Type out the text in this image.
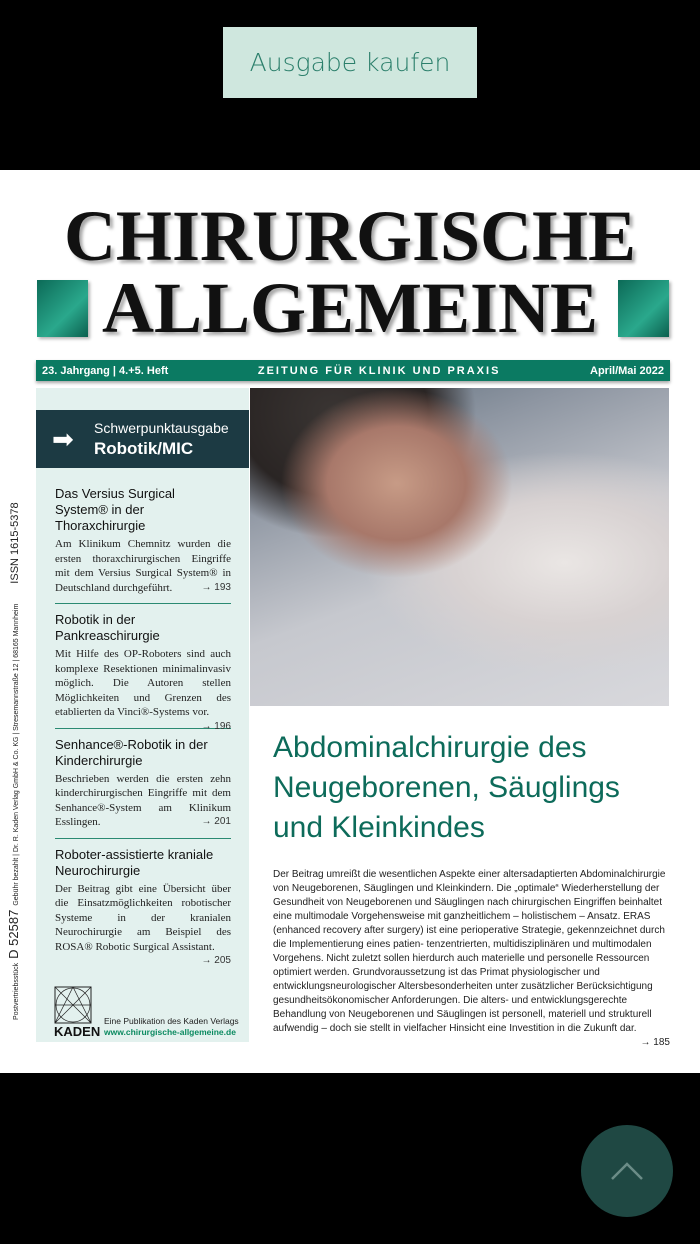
Ausgabe kaufen
CHIRURGISCHE
ALLGEMEINE
23. Jahrgang | 4.+5. Heft	ZEITUNG FÜR KLINIK UND PRAXIS	April/Mai 2022
Postvertriebsstück
D 52587
Gebühr bezahlt | Dr. R. Kaden Verlag GmbH & Co. KG | Stresemannstraße 12 | 68165 Mannheim
ISSN 1615-5378
➡ Schwerpunktausgabe
Robotik/MIC
Das Versius Surgical System® in der Thoraxchirurgie

Am Klinikum Chemnitz wurden die ersten thoraxchirurgischen Eingriffe mit dem Versius Surgical System® in Deutschland durchgeführt.	→ 193

Robotik in der Pankreaschirurgie

Mit Hilfe des OP-Roboters sind auch komplexe Resektionen minimalinvasiv möglich. Die Autoren stellen Möglichkeiten und Grenzen des etablierten da Vinci®-Systems vor.
→ 196

Senhance®-Robotik in der Kinderchirurgie

Beschrieben werden die ersten zehn kinderchirurgischen Eingriffe mit dem Senhance®-System am Klinikum Esslingen.	→ 201

Roboter-assistierte kraniale Neurochirurgie

Der Beitrag gibt eine Übersicht über die Einsatzmöglichkeiten robotischer Systeme in der kranialen Neurochirurgie am Beispiel des ROSA® Robotic Surgical Assistant.
→ 205

KADEN
Eine Publikation des Kaden Verlags
www.chirurgische-allgemeine.de
Abdominalchirurgie des Neugeborenen, Säuglings und Kleinkindes
Der Beitrag umreißt die wesentlichen Aspekte einer altersadaptierten Abdominalchirurgie von Neugeborenen, Säuglingen und Kleinkindern. Die „optimale“ Wiederherstellung der Gesundheit von Neugeborenen und Säuglingen nach chirurgischen Eingriffen beinhaltet eine multimodale Vorgehensweise mit ganzheitlichem – holistischem – Ansatz. ERAS (enhanced recovery after surgery) ist eine perioperative Strategie, gekennzeichnet durch die Implementierung eines patien- tenzentrierten, multidisziplinären und multimodalen Vorgehens. Nicht zuletzt sollen hierdurch auch materielle und personelle Ressourcen optimiert werden. Grundvoraussetzung ist das Primat physiologischer und entwicklungsneurologischer Altersbesonderheiten unter zusätzlicher Berücksichtigung gesundheitsökonomischer Anforderungen. Die alters- und entwicklungsgerechte Behandlung von Neugeborenen und Säuglingen ist personell, materiell und strukturell aufwendig – doch sie stellt in vielfacher Hinsicht eine Investition in die Zukunft dar.
→ 185
